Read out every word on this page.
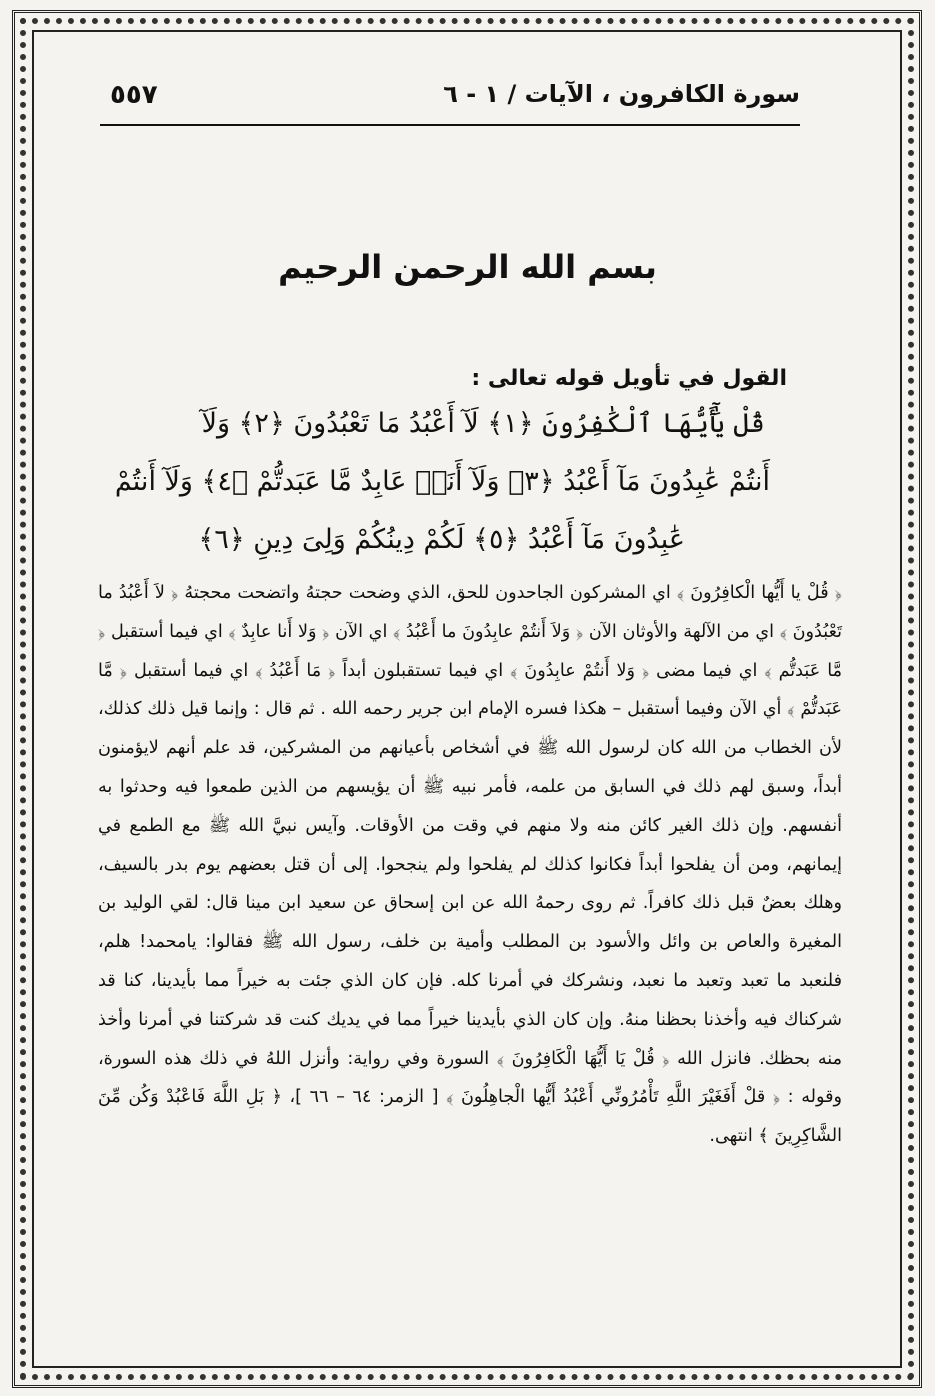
٥٥٧	سورة الكافرون ، الآيات / ١ - ٦
بسم الله الرحمن الرحيم
القول في تأويل قوله تعالى :
قُلْ يَٰٓأَيُّهَا ٱلْكَٰفِرُونَ ﴿١﴾ لَآ أَعْبُدُ مَا تَعْبُدُونَ ﴿٢﴾ وَلَآ
أَنتُمْ عَٰبِدُونَ مَآ أَعْبُدُ ﴿٣﴾ وَلَآ أَنَا۠ عَابِدٌ مَّا عَبَدتُّمْ ﴿٤﴾ وَلَآ أَنتُمْ
عَٰبِدُونَ مَآ أَعْبُدُ ﴿٥﴾ لَكُمْ دِينُكُمْ وَلِىَ دِينِ ﴿٦﴾

﴿ قُلْ يا أَيُّها الْكافِرُونَ ﴾ اي المشركون الجاحدون للحق، الذي وضحت حجتهُ واتضحت محجتهُ ﴿ لاَ أَعْبُدُ ما تَعْبُدُونَ ﴾ اي من الآلهة والأوثان الآن ﴿ وَلاَ أَنتُمْ عابِدُونَ ما أَعْبُدُ ﴾ اي الآن ﴿ وَلا أَنا عابِدٌ ﴾ اي فيما أستقبل ﴿ مَّا عَبَدتُّم ﴾ اي فيما مضى ﴿ وَلا أَنتُمْ عابِدُونَ ﴾ اي فيما تستقبلون أبداً ﴿ مَا أَعْبُدُ ﴾ اي فيما أستقبل ﴿ مَّا عَبَدتُّمْ ﴾ أي الآن وفيما أستقبل – هكذا فسره الإمام ابن جرير رحمه الله . ثم قال : وإنما قيل ذلك كذلك، لأن الخطاب من الله كان لرسول الله ﷺ في أشخاص بأعيانهم من المشركين، قد علم أنهم لايؤمنون أبداً، وسبق لهم ذلك في السابق من علمه، فأمر نبيه ﷺ أن يؤيسهم من الذين طمعوا فيه وحدثوا به أنفسهم. وإن ذلك الغير كائن منه ولا منهم في وقت من الأوقات. وآيس نبيَّ الله ﷺ مع الطمع في إيمانهم، ومن أن يفلحوا أبداً فكانوا كذلك لم يفلحوا ولم ينجحوا. إلى أن قتل بعضهم يوم بدر بالسيف، وهلك بعضٌ قبل ذلك كافراً. ثم روى رحمهُ الله عن ابن إسحاق عن سعيد ابن مينا قال: لقي الوليد بن المغيرة والعاص بن وائل والأسود بن المطلب وأمية بن خلف، رسول الله ﷺ فقالوا: يامحمد! هلم، فلنعبد ما تعبد وتعبد ما نعبد، ونشركك في أمرنا كله. فإن كان الذي جئت به خيراً مما بأيدينا، كنا قد شركناك فيه وأخذنا بحظنا منهُ. وإن كان الذي بأيدينا خيراً مما في يديك كنت قد شركتنا في أمرنا وأخذ منه بحظك. فانزل الله ﴿ قُلْ يَا أَيُّهَا الْكَافِرُونَ ﴾ السورة وفي رواية: وأنزل اللهُ في ذلك هذه السورة، وقوله : ﴿ قلْ أَفَغَيْرَ اللَّهِ تَأْمُرُونِّي أَعْبُدُ أَيُّها الْجاهِلُونَ ﴾ [ الزمر: ٦٤ – ٦٦ ]، ﴿ بَلِ اللَّهَ فَاعْبُدْ وَكُن مِّنَ الشَّاكِرِينَ ﴾ انتهى.
